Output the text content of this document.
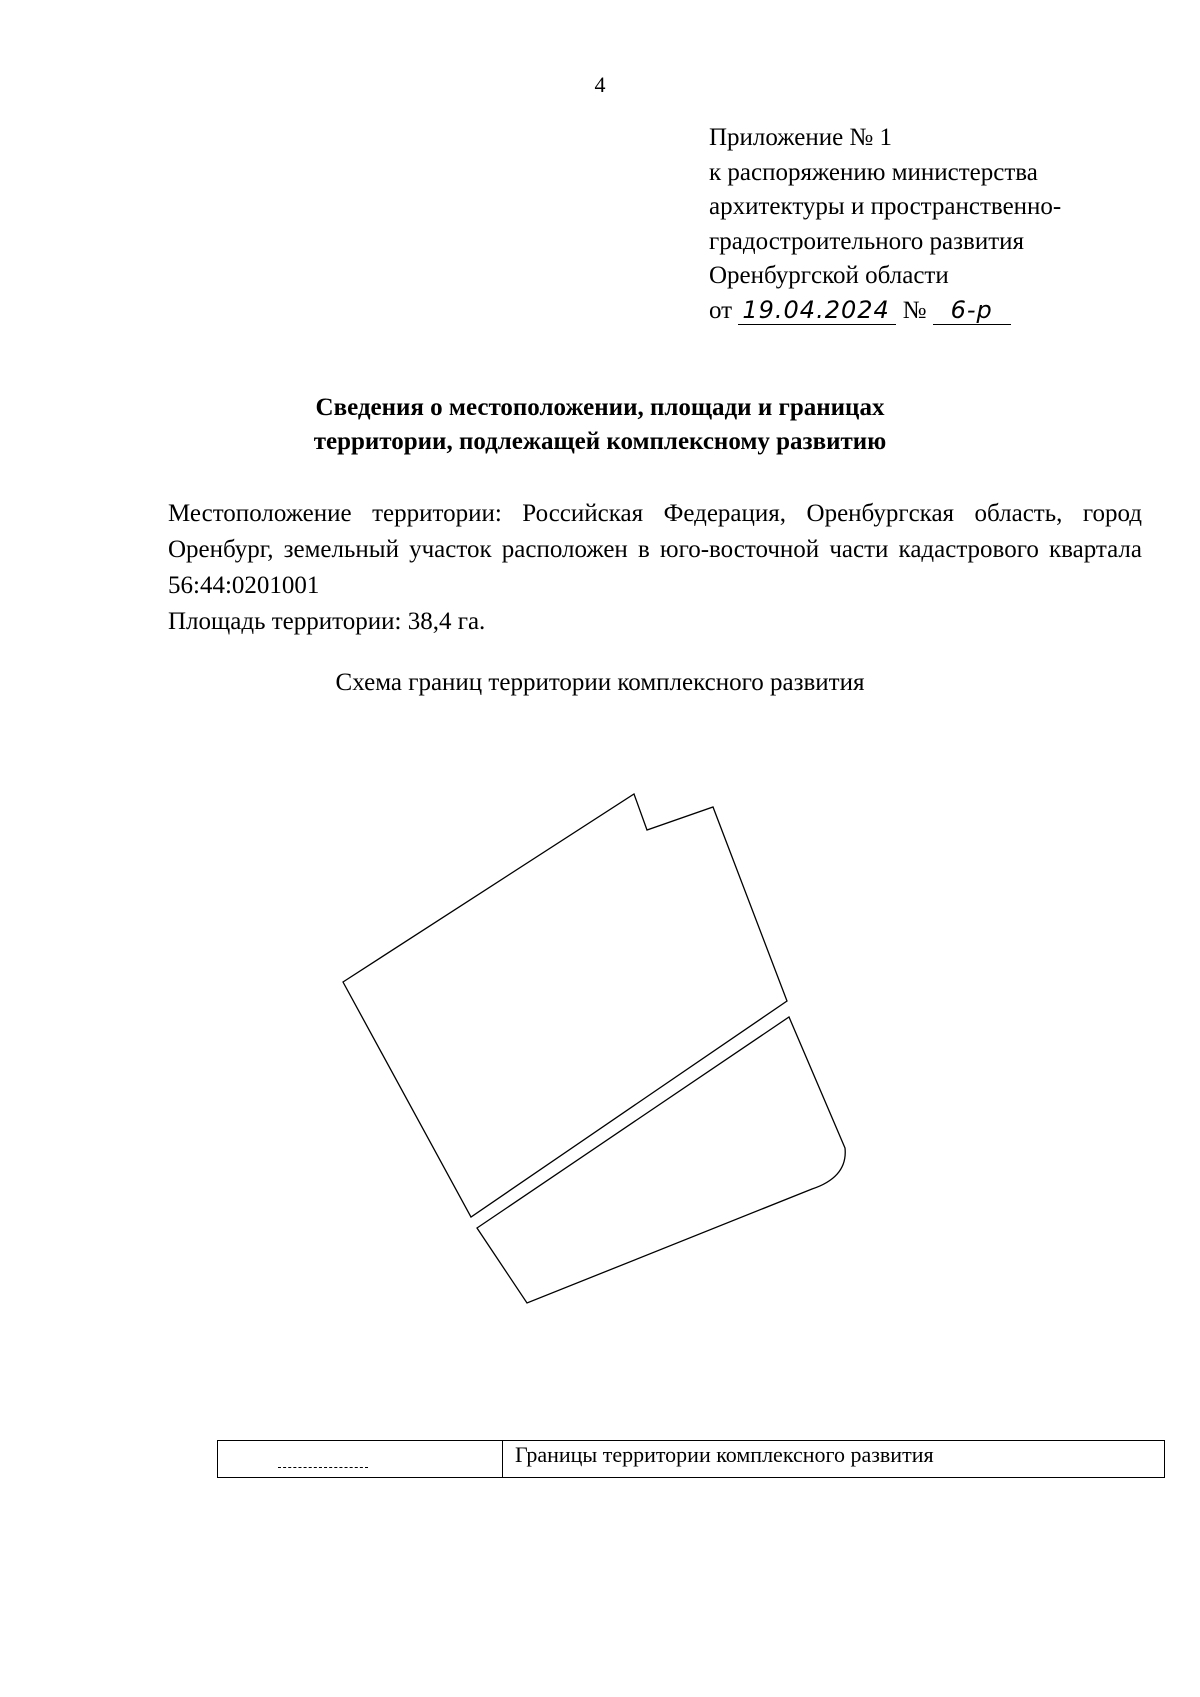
4
Приложение № 1
к распоряжению министерства
архитектуры и пространственно-
градостроительного развития
Оренбургской области
от 19.04.2024 № 6-р
Сведения о местоположении, площади и границах
территории, подлежащей комплексному развитию

Местоположение территории: Российская Федерация, Оренбургская область, город Оренбург, земельный участок расположен в юго-восточной части кадастрового квартала 56:44:0201001

Площадь территории: 38,4 га.

Схема границ территории комплексного развития
	Границы территории комплексного развития
